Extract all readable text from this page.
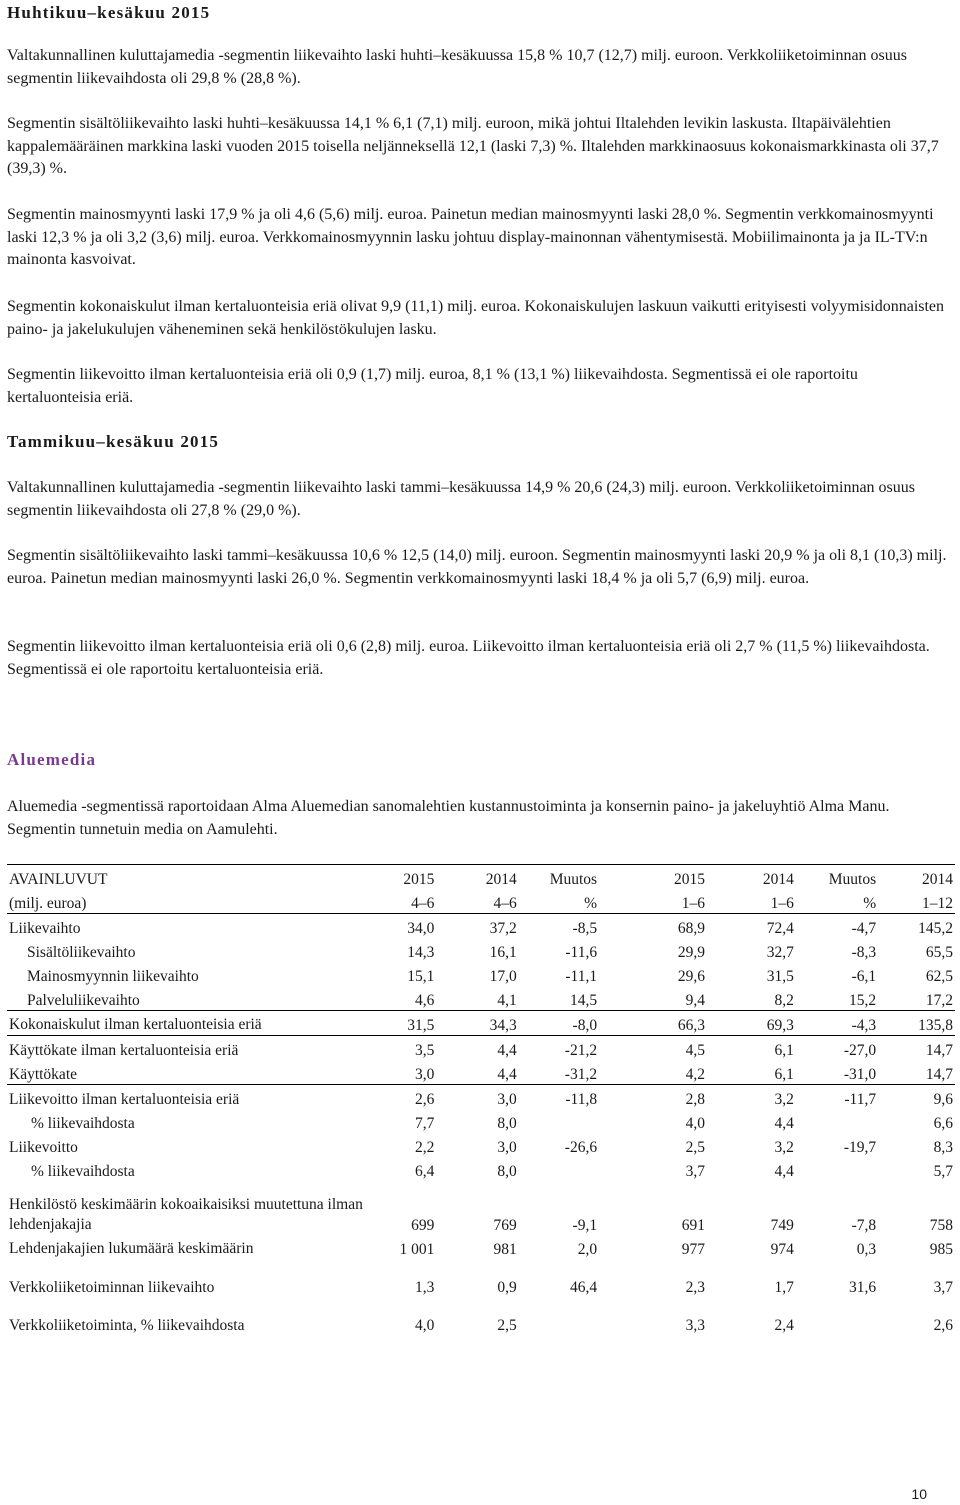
Huhtikuu–kesäkuu 2015

Valtakunnallinen kuluttajamedia -segmentin liikevaihto laski huhti–kesäkuussa 15,8 % 10,7 (12,7) milj. euroon. Verkkoliiketoiminnan osuus segmentin liikevaihdosta oli 29,8 % (28,8 %).

Segmentin sisältöliikevaihto laski huhti–kesäkuussa 14,1 % 6,1 (7,1) milj. euroon, mikä johtui Iltalehden levikin laskusta. Iltapäivälehtien kappalemääräinen markkina laski vuoden 2015 toisella neljänneksellä 12,1 (laski 7,3) %. Iltalehden markkinaosuus kokonaismarkkinasta oli 37,7 (39,3) %.

Segmentin mainosmyynti laski 17,9 % ja oli 4,6 (5,6) milj. euroa. Painetun median mainosmyynti laski 28,0 %. Segmentin verkkomainosmyynti laski 12,3 % ja oli 3,2 (3,6) milj. euroa. Verkkomainosmyynnin lasku johtuu display-mainonnan vähentymisestä. Mobiilimainonta ja ja IL-TV:n mainonta kasvoivat.

Segmentin kokonaiskulut ilman kertaluonteisia eriä olivat 9,9 (11,1) milj. euroa. Kokonaiskulujen laskuun vaikutti erityisesti volyymisidonnaisten paino- ja jakelukulujen väheneminen sekä henkilöstökulujen lasku.

Segmentin liikevoitto ilman kertaluonteisia eriä oli 0,9 (1,7) milj. euroa, 8,1 % (13,1 %) liikevaihdosta. Segmentissä ei ole raportoitu kertaluonteisia eriä.

Tammikuu–kesäkuu 2015

Valtakunnallinen kuluttajamedia -segmentin liikevaihto laski tammi–kesäkuussa 14,9 % 20,6 (24,3) milj. euroon. Verkkoliiketoiminnan osuus segmentin liikevaihdosta oli 27,8 % (29,0 %).

Segmentin sisältöliikevaihto laski tammi–kesäkuussa 10,6 % 12,5 (14,0) milj. euroon. Segmentin mainosmyynti laski 20,9 % ja oli 8,1 (10,3) milj. euroa. Painetun median mainosmyynti laski 26,0 %. Segmentin verkkomainosmyynti laski 18,4 % ja oli 5,7 (6,9) milj. euroa.

Segmentin liikevoitto ilman kertaluonteisia eriä oli 0,6 (2,8) milj. euroa. Liikevoitto ilman kertaluonteisia eriä oli 2,7 % (11,5 %) liikevaihdosta. Segmentissä ei ole raportoitu kertaluonteisia eriä.

Aluemedia

Aluemedia -segmentissä raportoidaan Alma Aluemedian sanomalehtien kustannustoiminta ja konsernin paino- ja jakeluyhtiö Alma Manu. Segmentin tunnetuin media on Aamulehti.

AVAINLUVUT	2015	2014	Muutos	2015	2014	Muutos	2014
(milj. euroa)	4–6	4–6	%	1–6	1–6	%	1–12
Liikevaihto	34,0	37,2	-8,5	68,9	72,4	-4,7	145,2
Sisältöliikevaihto	14,3	16,1	-11,6	29,9	32,7	-8,3	65,5
Mainosmyynnin liikevaihto	15,1	17,0	-11,1	29,6	31,5	-6,1	62,5
Palveluliikevaihto	4,6	4,1	14,5	9,4	8,2	15,2	17,2
Kokonaiskulut ilman kertaluonteisia eriä	31,5	34,3	-8,0	66,3	69,3	-4,3	135,8
Käyttökate ilman kertaluonteisia eriä	3,5	4,4	-21,2	4,5	6,1	-27,0	14,7
Käyttökate	3,0	4,4	-31,2	4,2	6,1	-31,0	14,7
Liikevoitto ilman kertaluonteisia eriä	2,6	3,0	-11,8	2,8	3,2	-11,7	9,6
% liikevaihdosta	7,7	8,0		4,0	4,4		6,6
Liikevoitto	2,2	3,0	-26,6	2,5	3,2	-19,7	8,3
% liikevaihdosta	6,4	8,0		3,7	4,4		5,7

Henkilöstö keskimäärin kokoaikaisiksi muutettuna ilman lehdenjakajia	699	769	-9,1	691	749	-7,8	758
Lehdenjakajien lukumäärä keskimäärin	1 001	981	2,0	977	974	0,3	985

Verkkoliiketoiminnan liikevaihto	1,3	0,9	46,4	2,3	1,7	31,6	3,7

Verkkoliiketoiminta, % liikevaihdosta	4,0	2,5		3,3	2,4		2,6
10
